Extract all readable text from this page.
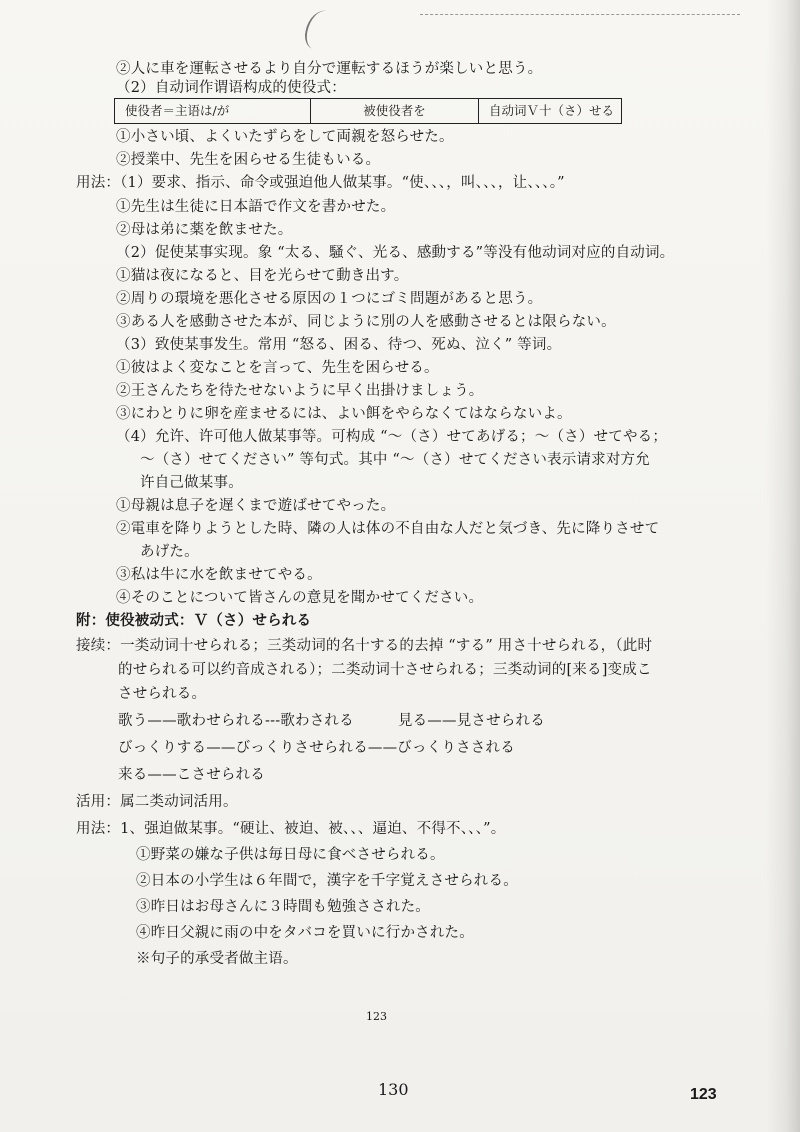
②人に車を運転させるより自分で運転するほうが楽しいと思う。
（2）自动词作谓语构成的使役式：
①小さい頃、よくいたずらをして両親を怒らせた。
②授業中、先生を困らせる生徒もいる。
用法：（1）要求、指示、命令或强迫他人做某事。“使、、、，叫、、、，让、、、。”
①先生は生徒に日本語で作文を書かせた。
②母は弟に薬を飲ませた。
（2）促使某事实现。象 “太る、騒ぐ、光る、感動する”等没有他动词对应的自动词。
①猫は夜になると、目を光らせて動き出す。
②周りの環境を悪化させる原因の１つにゴミ問題があると思う。
③ある人を感動させた本が、同じように別の人を感動させるとは限らない。
（3）致使某事发生。常用 “怒る、困る、待つ、死ぬ、泣く” 等词。
①彼はよく変なことを言って、先生を困らせる。
②王さんたちを待たせないように早く出掛けましょう。
③にわとりに卵を産ませるには、よい餌をやらなくてはならないよ。
（4）允许、许可他人做某事等。可构成 “～（さ）せてあげる；～（さ）せてやる；
～（さ）せてください” 等句式。其中 “～（さ）せてください表示请求对方允
许自己做某事。
①母親は息子を遅くまで遊ばせてやった。
②電車を降りようとした時、隣の人は体の不自由な人だと気づき、先に降りさせて
あげた。
③私は牛に水を飲ませてやる。
④そのことについて皆さんの意見を聞かせてください。
附：使役被动式：Ｖ（さ）せられる
接续：一类动词十せられる；三类动词的名十する的去掉 “する” 用さ十せられる，（此时
的せられる可以约音成される）；二类动词十させられる；三类动词的[来る]变成こ
させられる。
歌う——歌わせられる---歌わされる　　　見る——見させられる
びっくりする——びっくりさせられる——びっくりさされる
来る——こさせられる
活用：属二类动词活用。
用法：1、强迫做某事。“硬让、被迫、被、、、逼迫、不得不、、、”。
①野菜の嫌な子供は毎日母に食べさせられる。
②日本の小学生は６年間で，漢字を千字覚えさせられる。
③昨日はお母さんに３時間も勉強さされた。
④昨日父親に雨の中をタバコを買いに行かされた。
※句子的承受者做主语。
使役者＝主语は/が	被使役者を	自动词Ｖ十（さ）せる
123
130	123
